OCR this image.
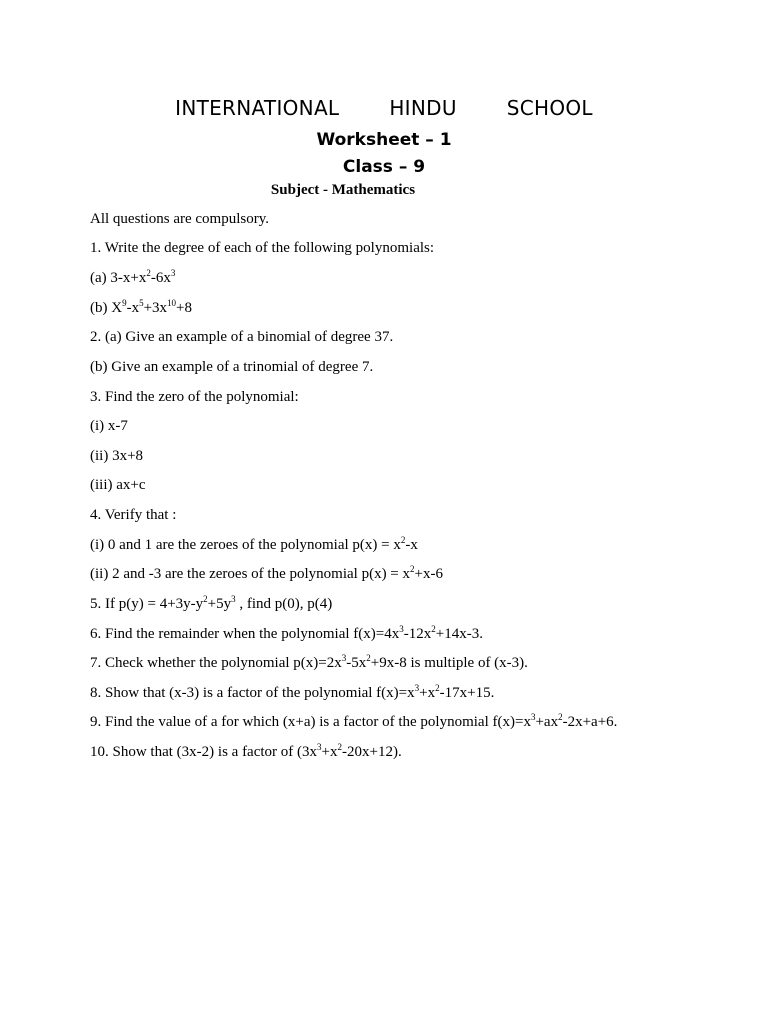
INTERNATIONAL   HINDU   SCHOOL
Worksheet – 1
Class – 9
Subject - Mathematics
All questions are compulsory.
1. Write the degree of each of the following polynomials:
(a) $3-x+x^2-6x^3$
(b) $X^9-x^5+3x^{10}+8$
2. (a) Give an example of a binomial of degree 37.
(b) Give an example of a trinomial of degree 7.
3. Find the zero of the polynomial:
(i) x-7
(ii) 3x+8
(iii) ax+c
4. Verify that :
(i) 0 and 1 are the zeroes of the polynomial $p(x) = x^2-x$
(ii) 2 and -3 are the zeroes of the polynomial $p(x) = x^2+x-6$
5. If $p(y) = 4+3y-y^2+5y^3$ , find p(0), p(4)
6. Find the remainder when the polynomial $f(x)=4x^3-12x^2+14x-3$.
7. Check whether the polynomial $p(x)=2x^3-5x^2+9x-8$ is multiple of (x-3).
8. Show that (x-3) is a factor of the polynomial $f(x)=x^3+x^2-17x+15$.
9. Find the value of a for which (x+a) is a factor of the polynomial $f(x)=x^3+ax^2-2x+a+6$.
10. Show that (3x-2) is a factor of $(3x^3+x^2-20x+12)$.
